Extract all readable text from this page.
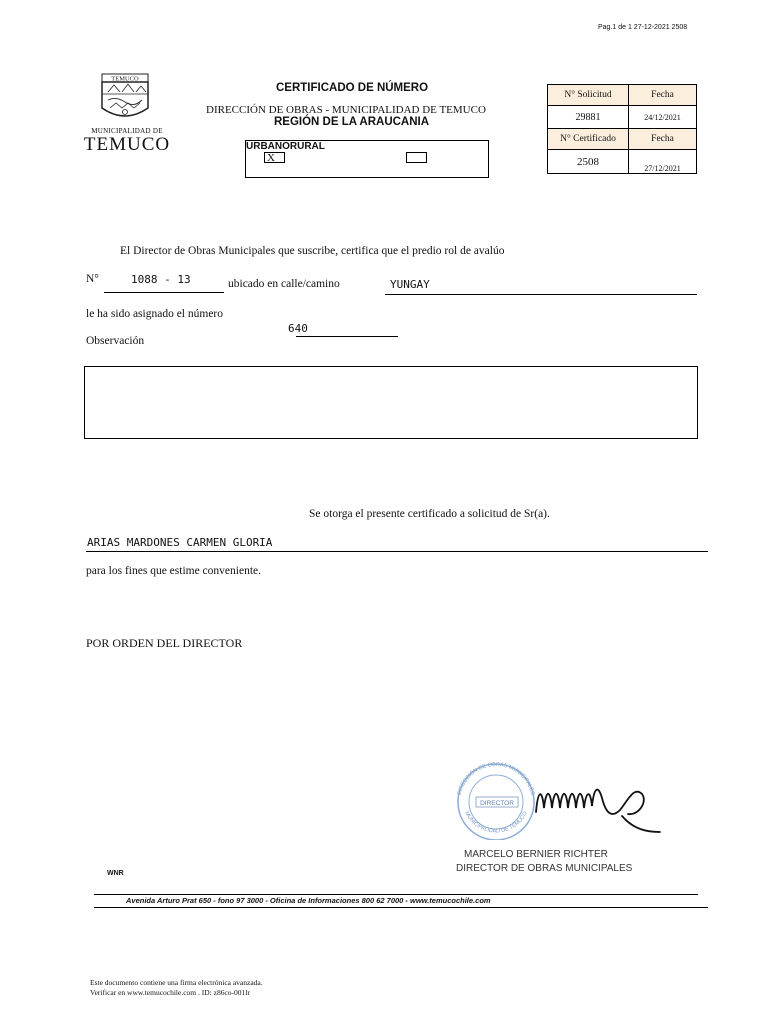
Pag.1 de 1 27-12-2021 2508
TEMUCO
MUNICIPALIDAD DE
TEMUCO
CERTIFICADO DE NÚMERO
DIRECCIÓN DE OBRAS - MUNICIPALIDAD DE TEMUCO
REGIÓN DE LA ARAUCANIA
URBANORURAL
X
N° Solicitud	Fecha
29881	24/12/2021
N° Certificado	Fecha
2508	27/12/2021
El Director de Obras Municipales que suscribe, certifica que el predio rol de avalúo
N°	1088 - 13	ubicado en calle/camino	YUNGAY
le ha sido asignado el número
640
Observación
Se otorga el presente certificado a solicitud de Sr(a).
ARIAS MARDONES CARMEN GLORIA
para los fines que estime conveniente.
POR ORDEN DEL DIRECTOR
DIRECCIÓN DE OBRAS MUNICIPALES
MUNICIPALIDAD DE TEMUCO
DIRECTOR
MARCELO BERNIER RICHTER
DIRECTOR DE OBRAS MUNICIPALES
WNR
Avenida Arturo Prat 650 - fono 97 3000 - Oficina de Informaciones 800 62 7000 - www.temucochile.com
Este documento contiene una firma electrónica avanzada.
Verificar en www.temucochile.com . ID: z86co-001lr
